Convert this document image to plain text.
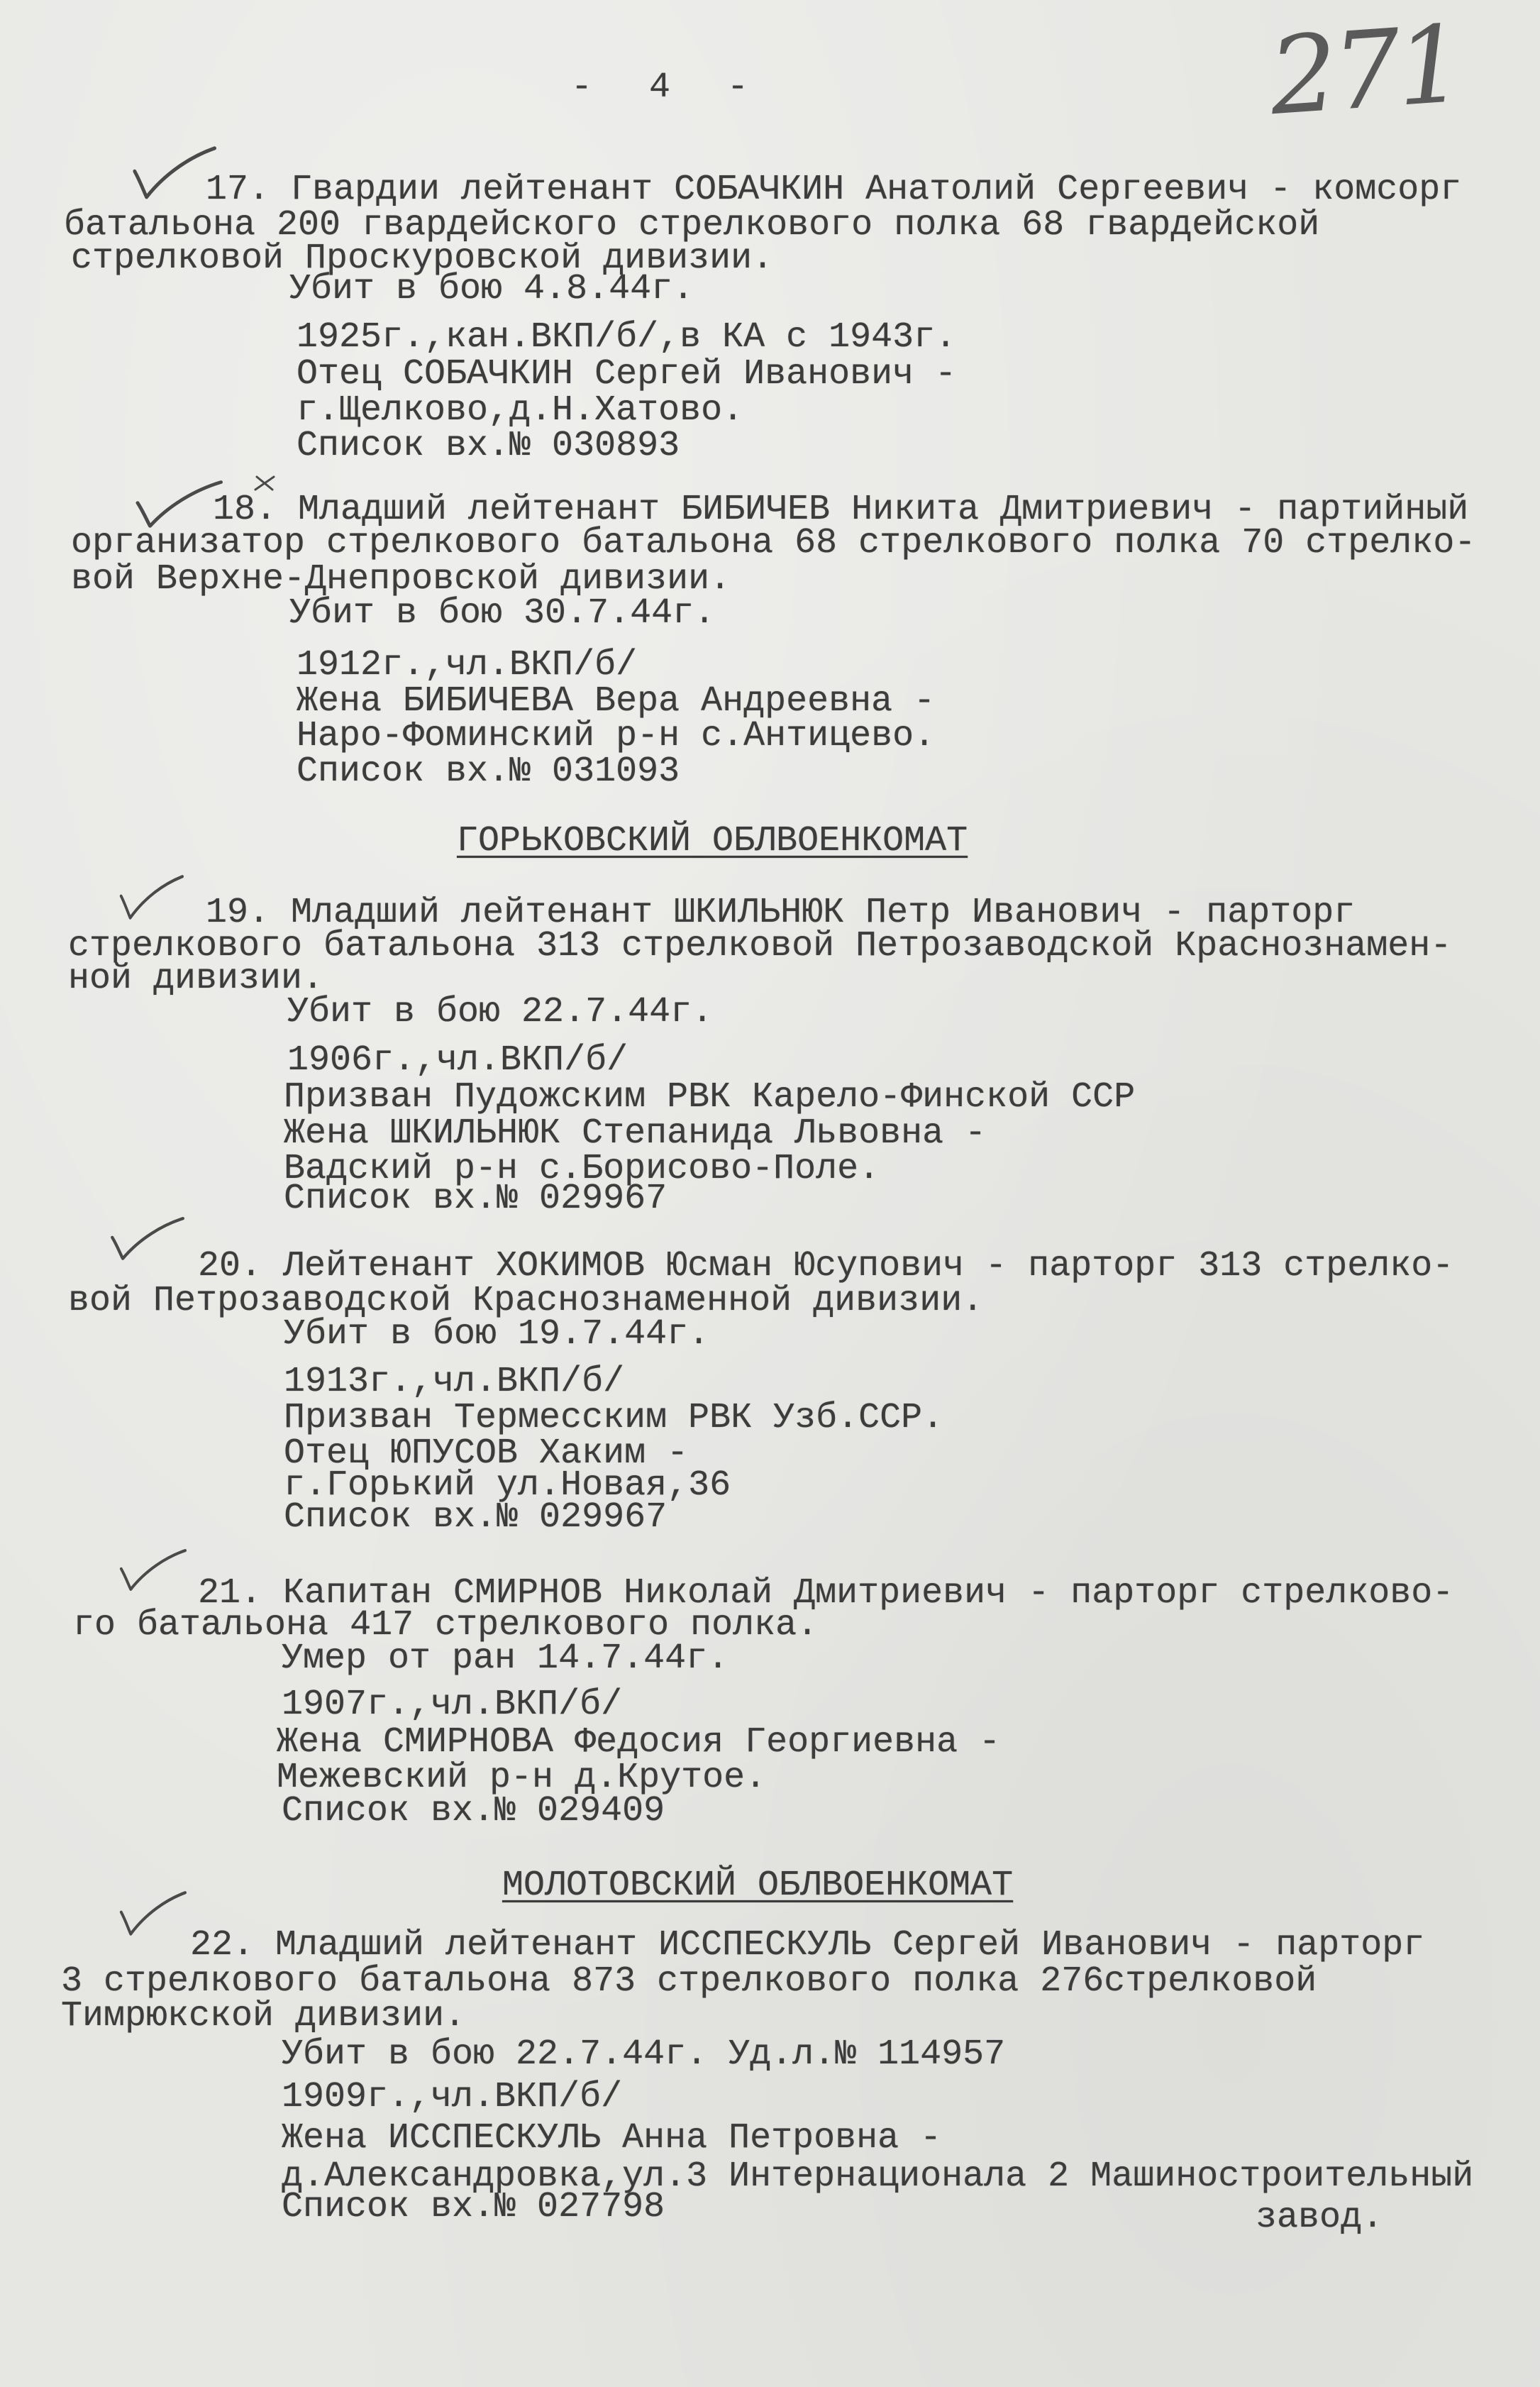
- 4 -	271
17. Гвардии лейтенант СОБАЧКИН Анатолий Сергеевич - комсорг
батальона 200 гвардейского стрелкового полка 68 гвардейской
стрелковой Проскуровской дивизии.
Убит в бою 4.8.44г.
1925г.,кан.ВКП/б/,в КА с 1943г.
Отец СОБАЧКИН Сергей Иванович -
г.Щелково,д.Н.Хатово.
Список вх.№ 030893
18. Младший лейтенант БИБИЧЕВ Никита Дмитриевич - партийный
организатор стрелкового батальона 68 стрелкового полка 70 стрелко-
вой Верхне-Днепровской дивизии.
Убит в бою 30.7.44г.
1912г.,чл.ВКП/б/
Жена БИБИЧЕВА Вера Андреевна -
Наро-Фоминский р-н с.Антицево.
Список вх.№ 031093
ГОРЬКОВСКИЙ ОБЛВОЕНКОМАТ
19. Младший лейтенант ШКИЛЬНЮК Петр Иванович - парторг
стрелкового батальона 313 стрелковой Петрозаводской Краснознамен-
ной дивизии.
Убит в бою 22.7.44г.
1906г.,чл.ВКП/б/
Призван Пудожским РВК Карело-Финской ССР
Жена ШКИЛЬНЮК Степанида Львовна -
Вадский р-н с.Борисово-Поле.
Список вх.№ 029967
20. Лейтенант ХОКИМОВ Юсман Юсупович - парторг 313 стрелко-
вой Петрозаводской Краснознаменной дивизии.
Убит в бою 19.7.44г.
1913г.,чл.ВКП/б/
Призван Термесским РВК Узб.ССР.
Отец ЮПУСОВ Хаким -
г.Горький ул.Новая,36
Список вх.№ 029967
21. Капитан СМИРНОВ Николай Дмитриевич - парторг стрелково-
го батальона 417 стрелкового полка.
Умер от ран 14.7.44г.
1907г.,чл.ВКП/б/
Жена СМИРНОВА Федосия Георгиевна -
Межевский р-н д.Крутое.
Список вх.№ 029409
МОЛОТОВСКИЙ ОБЛВОЕНКОМАТ
22. Младший лейтенант ИССПЕСКУЛЬ Сергей Иванович - парторг
3 стрелкового батальона 873 стрелкового полка 276стрелковой
Тимрюкской дивизии.
Убит в бою 22.7.44г. Уд.л.№ 114957
1909г.,чл.ВКП/б/
Жена ИССПЕСКУЛЬ Анна Петровна -
д.Александровка,ул.3 Интернационала 2 Машиностроительный
Список вх.№ 027798	завод.
